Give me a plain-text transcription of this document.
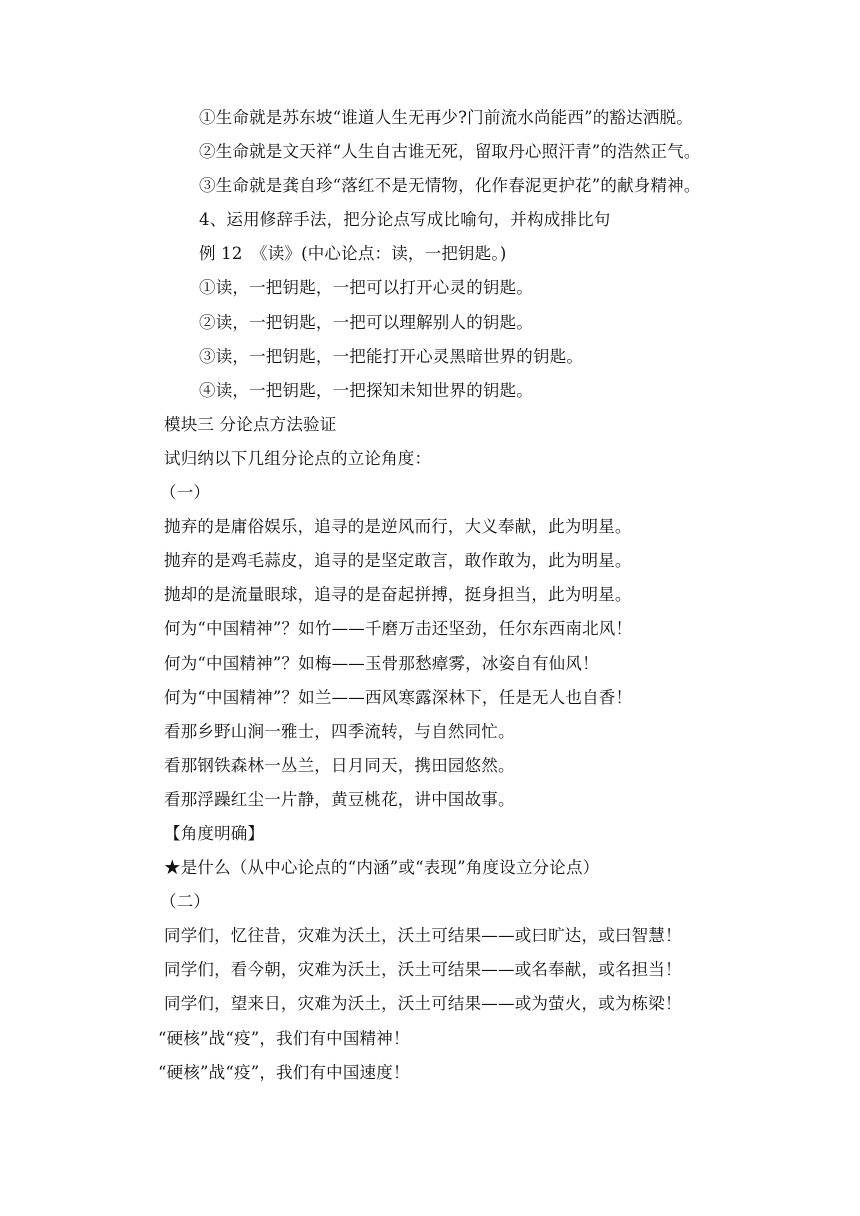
①生命就是苏东坡“谁道人生无再少?门前流水尚能西”的豁达洒脱。
②生命就是文天祥“人生自古谁无死，留取丹心照汗青”的浩然正气。
③生命就是龚自珍“落红不是无情物，化作春泥更护花”的献身精神。
4、运用修辞手法，把分论点写成比喻句，并构成排比句
例 12　《读》(中心论点：读，一把钥匙。)
①读，一把钥匙，一把可以打开心灵的钥匙。
②读，一把钥匙，一把可以理解别人的钥匙。
③读，一把钥匙，一把能打开心灵黑暗世界的钥匙。
④读，一把钥匙，一把探知未知世界的钥匙。
模块三 分论点方法验证
试归纳以下几组分论点的立论角度：
（一）
抛弃的是庸俗娱乐，追寻的是逆风而行，大义奉献，此为明星。
抛弃的是鸡毛蒜皮，追寻的是坚定敢言，敢作敢为，此为明星。
抛却的是流量眼球，追寻的是奋起拼搏，挺身担当，此为明星。
何为“中国精神”？如竹——千磨万击还坚劲，任尔东西南北风！
何为“中国精神”？如梅——玉骨那愁瘴雾，冰姿自有仙风！
何为“中国精神”？如兰——西风寒露深林下，任是无人也自香！
看那乡野山涧一雅士，四季流转，与自然同忙。
看那钢铁森林一丛兰，日月同天，携田园悠然。
看那浮躁红尘一片静，黄豆桃花，讲中国故事。
【角度明确】
★是什么（从中心论点的“内涵”或“表现”角度设立分论点）
（二）
同学们，忆往昔，灾难为沃土，沃土可结果——或曰旷达，或曰智慧！
同学们，看今朝，灾难为沃土，沃土可结果——或名奉献，或名担当！
同学们，望来日，灾难为沃土，沃土可结果——或为萤火，或为栋梁！
“硬核”战“疫”，我们有中国精神！
“硬核”战“疫”，我们有中国速度！
